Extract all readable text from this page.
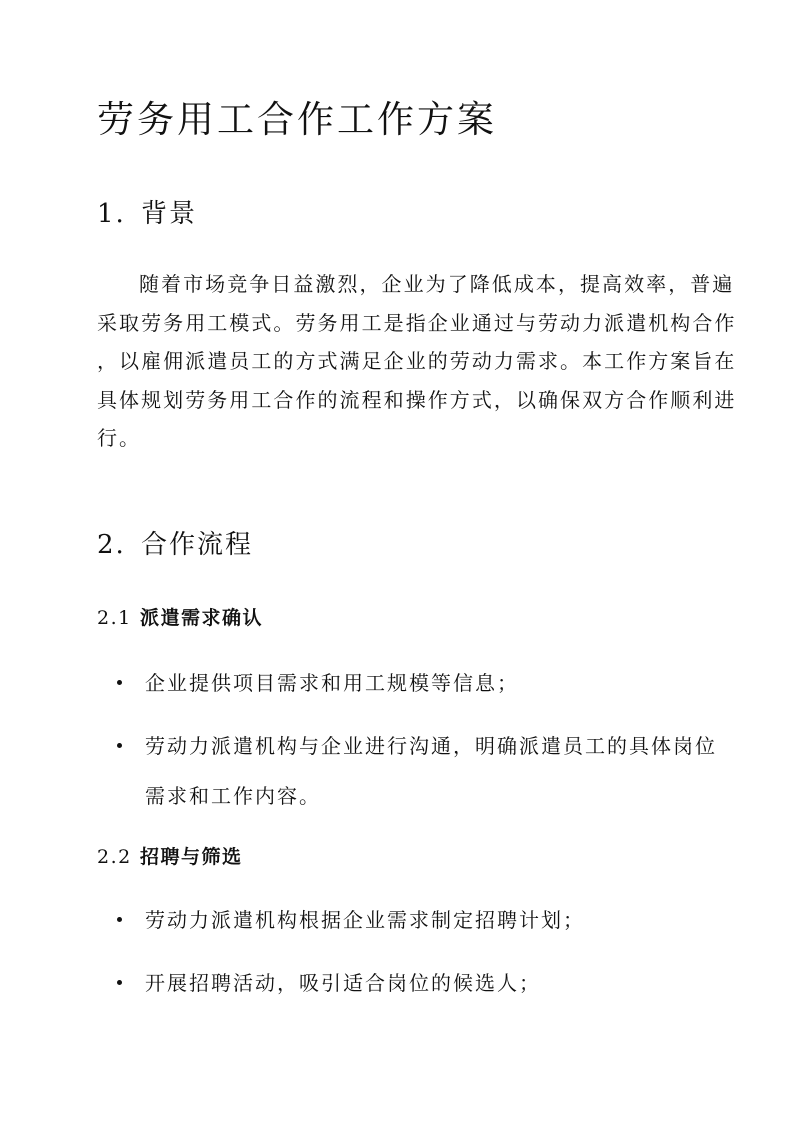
劳务用工合作工作方案
1. 背景
随着市场竞争日益激烈，企业为了降低成本，提高效率，普遍
采取劳务用工模式。劳务用工是指企业通过与劳动力派遣机构合作
，以雇佣派遣员工的方式满足企业的劳动力需求。本工作方案旨在
具体规划劳务用工合作的流程和操作方式，以确保双方合作顺利进
行。
2. 合作流程
2.1 派遣需求确认
企业提供项目需求和用工规模等信息；
劳动力派遣机构与企业进行沟通，明确派遣员工的具体岗位
需求和工作内容。
2.2 招聘与筛选
劳动力派遣机构根据企业需求制定招聘计划；
开展招聘活动，吸引适合岗位的候选人；
